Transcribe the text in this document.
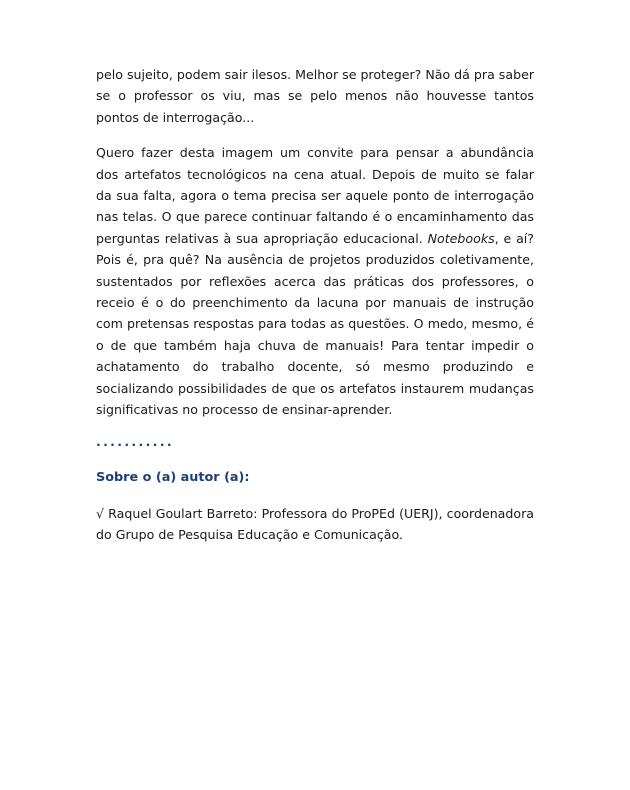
pelo sujeito, podem sair ilesos. Melhor se proteger? Não dá pra saber se o professor os viu, mas se pelo menos não houvesse tantos pontos de interrogação...

Quero fazer desta imagem um convite para pensar a abundância dos artefatos tecnológicos na cena atual. Depois de muito se falar da sua falta, agora o tema precisa ser aquele ponto de interrogação nas telas. O que parece continuar faltando é o encaminhamento das perguntas relativas à sua apropriação educacional. Notebooks, e aí? Pois é, pra quê? Na ausência de projetos produzidos coletivamente, sustentados por reflexões acerca das práticas dos professores, o receio é o do preenchimento da lacuna por manuais de instrução com pretensas respostas para todas as questões. O medo, mesmo, é o de que também haja chuva de manuais! Para tentar impedir o achatamento do trabalho docente, só mesmo produzindo e socializando possibilidades de que os artefatos instaurem mudanças significativas no processo de ensinar-aprender.

...........
Sobre o (a) autor (a):

√ Raquel Goulart Barreto: Professora do ProPEd (UERJ), coordenadora do Grupo de Pesquisa Educação e Comunicação.
